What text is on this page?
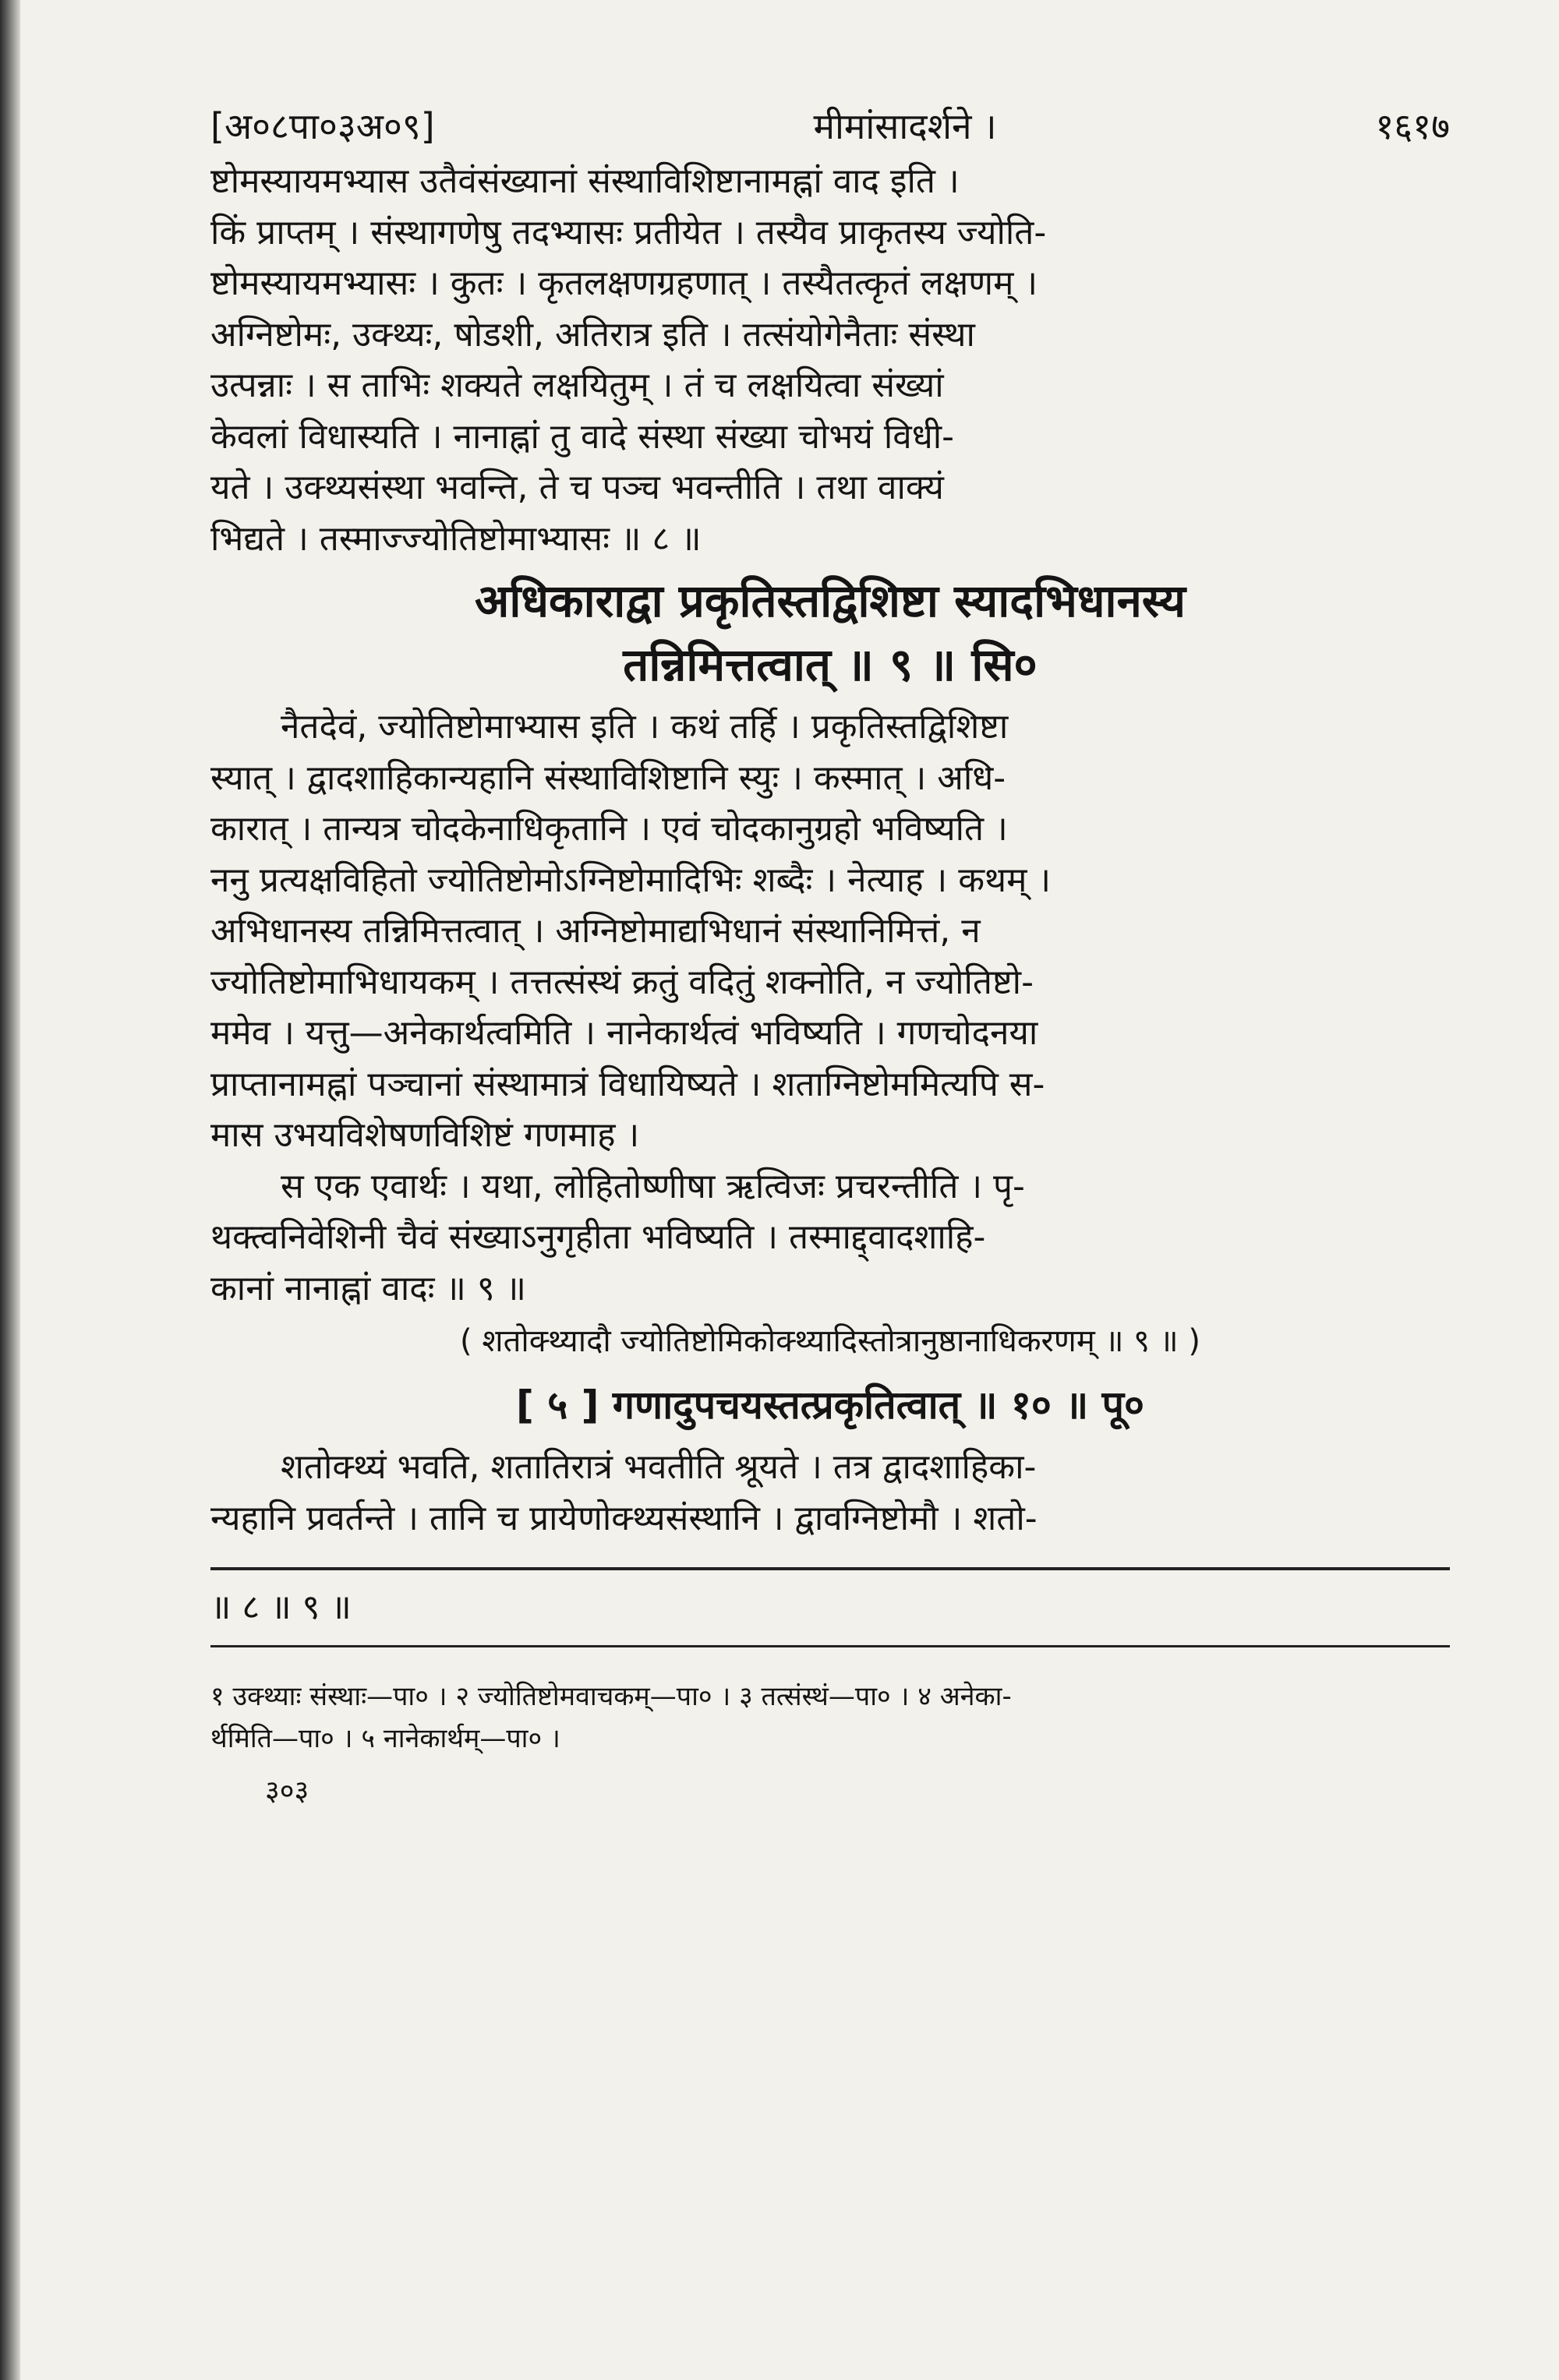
[अ०८पा०३अ०९]	मीमांसादर्शने ।	१६१७

ष्टोमस्यायमभ्यास उतैवंसंख्यानां संस्थाविशिष्टानामह्नां वाद इति ।

किं प्राप्तम् । संस्थागणेषु तदभ्यासः प्रतीयेत । तस्यैव प्राकृतस्य ज्योति-

ष्टोमस्यायमभ्यासः । कुतः । कृतलक्षणग्रहणात् । तस्यैतत्कृतं लक्षणम् ।

अग्निष्टोमः, उक्थ्यः, षोडशी, अतिरात्र इति । तत्संयोगेनैताः संस्था

उत्पन्नाः । स ताभिः शक्यते लक्षयितुम् । तं च लक्षयित्वा संख्यां

केवलां विधास्यति । नानाह्नां तु वादे संस्था संख्या चोभयं विधी-

यते । उक्थ्यसंस्था भवन्ति, ते च पञ्च भवन्तीति । तथा वाक्यं

भिद्यते । तस्माज्ज्योतिष्टोमाभ्यासः ॥ ८ ॥

अधिकाराद्वा प्रकृतिस्तद्विशिष्टा स्यादभिधानस्य
तन्निमित्तत्वात् ॥ ९ ॥ सि०

नैतदेवं, ज्योतिष्टोमाभ्यास इति । कथं तर्हि । प्रकृतिस्तद्विशिष्टा

स्यात् । द्वादशाहिकान्यहानि संस्थाविशिष्टानि स्युः । कस्मात् । अधि-

कारात् । तान्यत्र चोदकेनाधिकृतानि । एवं चोदकानुग्रहो भविष्यति ।

ननु प्रत्यक्षविहितो ज्योतिष्टोमोऽग्निष्टोमादिभिः शब्दैः । नेत्याह । कथम् ।

अभिधानस्य तन्निमित्तत्वात् । अग्निष्टोमाद्यभिधानं संस्थानिमित्तं, न

ज्योतिष्टोमाभिधायकम् । तत्तत्संस्थं क्रतुं वदितुं शक्नोति, न ज्योतिष्टो-

ममेव । यत्तु—अनेकार्थत्वमिति । नानेकार्थत्वं भविष्यति । गणचोदनया

प्राप्तानामह्नां पञ्चानां संस्थामात्रं विधायिष्यते । शताग्निष्टोममित्यपि स-

मास उभयविशेषणविशिष्टं गणमाह ।

स एक एवार्थः । यथा, लोहितोष्णीषा ऋत्विजः प्रचरन्तीति । पृ-

थक्त्वनिवेशिनी चैवं संख्याऽनुगृहीता भविष्यति । तस्माद्द्वादशाहि-

कानां नानाह्नां वादः ॥ ९ ॥

( शतोक्थ्यादौ ज्योतिष्टोमिकोक्थ्यादिस्तोत्रानुष्ठानाधिकरणम् ॥ ९ ॥ )
[ ५ ] गणादुपचयस्तत्प्रकृतित्वात् ॥ १० ॥ पू०

शतोक्थ्यं भवति, शतातिरात्रं भवतीति श्रूयते । तत्र द्वादशाहिका-

न्यहानि प्रवर्तन्ते । तानि च प्रायेणोक्थ्यसंस्थानि । द्वावग्निष्टोमौ । शतो-

॥ ८ ॥ ९ ॥
१ उक्थ्याः संस्थाः—पा० । २ ज्योतिष्टोमवाचकम्—पा० । ३ तत्संस्थं—पा० । ४ अनेका-
र्थमिति—पा० । ५ नानेकार्थम्—पा० ।
३०३
